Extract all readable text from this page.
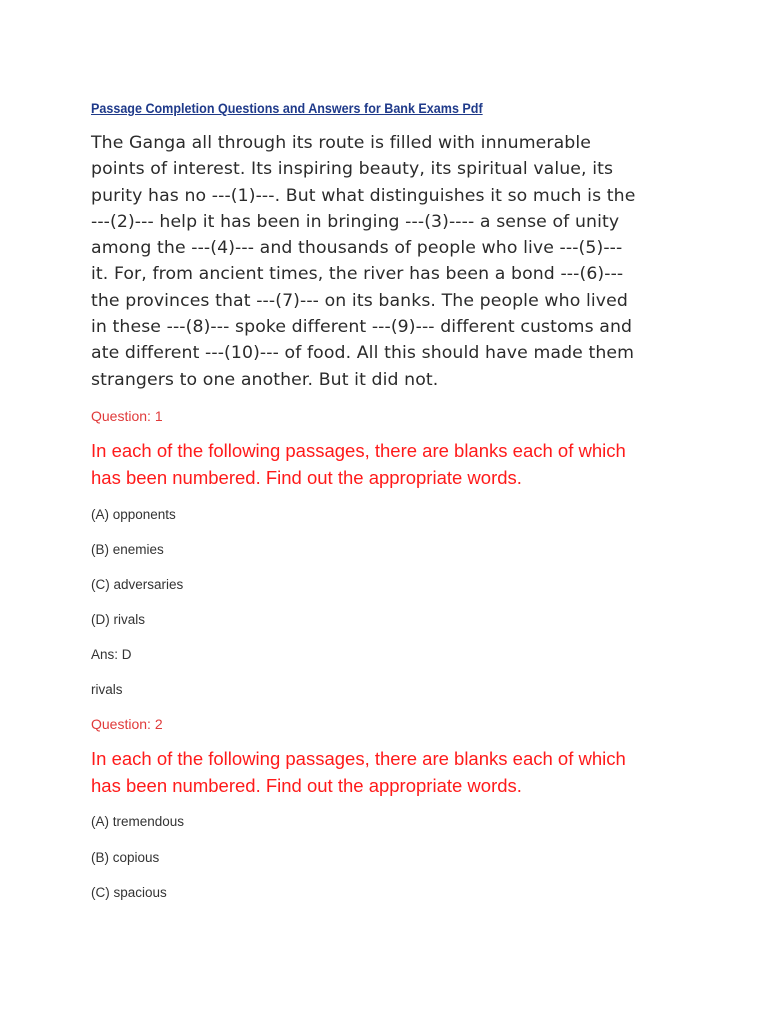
Passage Completion Questions and Answers for Bank Exams Pdf

The Ganga all through its route is filled with innumerable
points of interest. Its inspiring beauty, its spiritual value, its
purity has no ---(1)---. But what distinguishes it so much is the
---(2)--- help it has been in bringing ---(3)---- a sense of unity
among the ---(4)--- and thousands of people who live ---(5)---
it. For, from ancient times, the river has been a bond ---(6)---
the provinces that ---(7)--- on its banks. The people who lived
in these ---(8)--- spoke different ---(9)--- different customs and
ate different ---(10)--- of food. All this should have made them
strangers to one another. But it did not.

Question: 1

In each of the following passages, there are blanks each of which
has been numbered. Find out the appropriate words.

(A) opponents
(B) enemies
(C) adversaries
(D) rivals
Ans: D
rivals
Question: 2

In each of the following passages, there are blanks each of which
has been numbered. Find out the appropriate words.

(A) tremendous
(B) copious
(C) spacious
